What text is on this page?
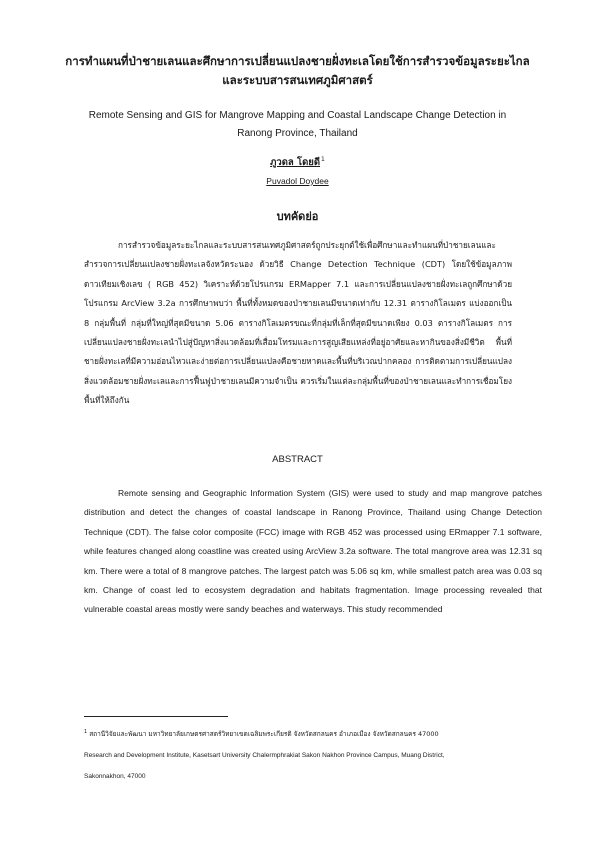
การทำแผนที่ป่าชายเลนและศึกษาการเปลี่ยนแปลงชายฝั่งทะเลโดยใช้การสำรวจข้อมูลระยะไกล
และระบบสารสนเทศภูมิศาสตร์
Remote Sensing and GIS for Mangrove Mapping and Coastal Landscape Change Detection in
Ranong Province, Thailand
ภูวดล โดยดี$^1$
Puvadol Doydee
บทคัดย่อ

การสำรวจข้อมูลระยะไกลและระบบสารสนเทศภูมิศาสตร์ถูกประยุกต์ใช้เพื่อศึกษาและทำแผนที่ป่าชายเลนและสำรวจการเปลี่ยนแปลงชายฝั่งทะเลจังหวัดระนอง ด้วยวิธี Change Detection Technique (CDT) โดยใช้ข้อมูลภาพดาวเทียมเชิงเลข ( RGB 452) วิเคราะห์ด้วยโปรแกรม ERMapper 7.1 และการเปลี่ยนแปลงชายฝั่งทะเลถูกศึกษาด้วยโปรแกรม ArcView 3.2a การศึกษาพบว่า พื้นที่ทั้งหมดของป่าชายเลนมีขนาดเท่ากับ 12.31 ตารางกิโลเมตร แบ่งออกเป็น 8 กลุ่มพื้นที่ กลุ่มที่ใหญ่ที่สุดมีขนาด 5.06 ตารางกิโลเมตรขณะที่กลุ่มที่เล็กที่สุดมีขนาดเพียง 0.03 ตารางกิโลเมตร การเปลี่ยนแปลงชายฝั่งทะเลนำไปสู่ปัญหาสิ่งแวดล้อมที่เสื่อมโทรมและการสูญเสียแหล่งที่อยู่อาศัยและหากินของสิ่งมีชีวิต พื้นที่ชายฝั่งทะเลที่มีความอ่อนไหวและง่ายต่อการเปลี่ยนแปลงคือชายหาดและพื้นที่บริเวณปากคลอง การติดตามการเปลี่ยนแปลงสิ่งแวดล้อมชายฝั่งทะเลและการฟื้นฟูป่าชายเลนมีความจำเป็น ควรเริ่มในแต่ละกลุ่มพื้นที่ของป่าชายเลนและทำการเชื่อมโยงพื้นที่ให้ถึงกัน

ABSTRACT

Remote sensing and Geographic Information System (GIS) were used to study and map mangrove patches distribution and detect the changes of coastal landscape in Ranong Province, Thailand using Change Detection Technique (CDT). The false color composite (FCC) image with RGB 452 was processed using ERmapper 7.1 software, while features changed along coastline was created using ArcView 3.2a software. The total mangrove area was 12.31 sq km. There were a total of 8 mangrove patches. The largest patch was 5.06 sq km, while smallest patch area was 0.03 sq km. Change of coast led to ecosystem degradation and habitats fragmentation. Image processing revealed that vulnerable coastal areas mostly were sandy beaches and waterways. This study recommended

$^1$ สถานีวิจัยและพัฒนา มหาวิทยาลัยเกษตรศาสตร์วิทยาเขตเฉลิมพระเกียรติ จังหวัดสกลนคร อำเภอเมือง จังหวัดสกลนคร 47000
Research and Development Institute, Kasetsart University Chalermphrakiat Sakon Nakhon Province Campus, Muang District,
Sakonnakhon, 47000
